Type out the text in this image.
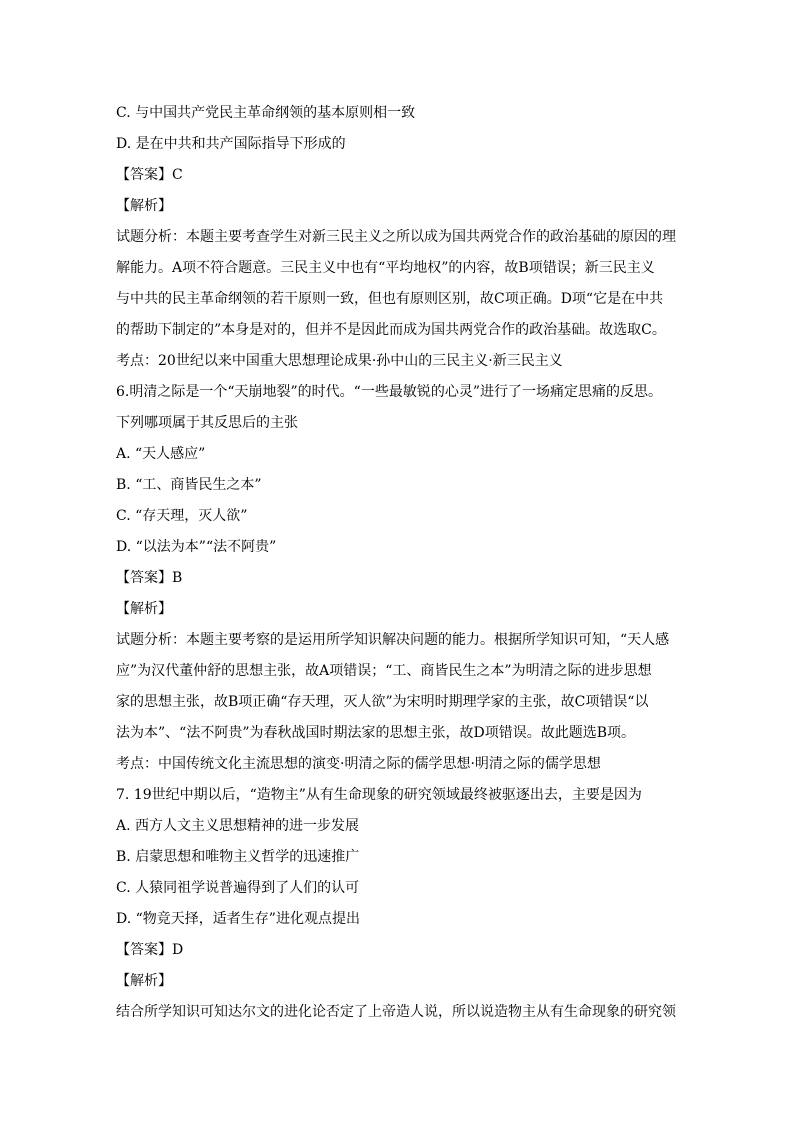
C. 与中国共产党民主革命纲领的基本原则相一致
D. 是在中共和共产国际指导下形成的
【答案】C
【解析】
试题分析：本题主要考查学生对新三民主义之所以成为国共两党合作的政治基础的原因的理
解能力。A项不符合题意。三民主义中也有“平均地权”的内容，故B项错误；新三民主义
与中共的民主革命纲领的若干原则一致，但也有原则区别，故C项正确。D项“它是在中共
的帮助下制定的”本身是对的，但并不是因此而成为国共两党合作的政治基础。故选取C。
考点：20世纪以来中国重大思想理论成果·孙中山的三民主义·新三民主义
6.明清之际是一个“天崩地裂”的时代。“一些最敏锐的心灵”进行了一场痛定思痛的反思。
下列哪项属于其反思后的主张
A. “天人感应”
B. “工、商皆民生之本”
C. “存天理，灭人欲”
D. “以法为本”“法不阿贵”
【答案】B
【解析】
试题分析：本题主要考察的是运用所学知识解决问题的能力。根据所学知识可知，“天人感
应”为汉代董仲舒的思想主张，故A项错误；“工、商皆民生之本”为明清之际的进步思想
家的思想主张，故B项正确“存天理，灭人欲”为宋明时期理学家的主张，故C项错误“以
法为本”、“法不阿贵”为春秋战国时期法家的思想主张，故D项错误。故此题选B项。
考点：中国传统文化主流思想的演变·明清之际的儒学思想·明清之际的儒学思想
7. 19世纪中期以后，“造物主”从有生命现象的研究领域最终被驱逐出去，主要是因为
A. 西方人文主义思想精神的进一步发展
B. 启蒙思想和唯物主义哲学的迅速推广
C. 人猿同祖学说普遍得到了人们的认可
D. “物竞天择，适者生存”进化观点提出
【答案】D
【解析】
结合所学知识可知达尔文的进化论否定了上帝造人说，所以说造物主从有生命现象的研究领
